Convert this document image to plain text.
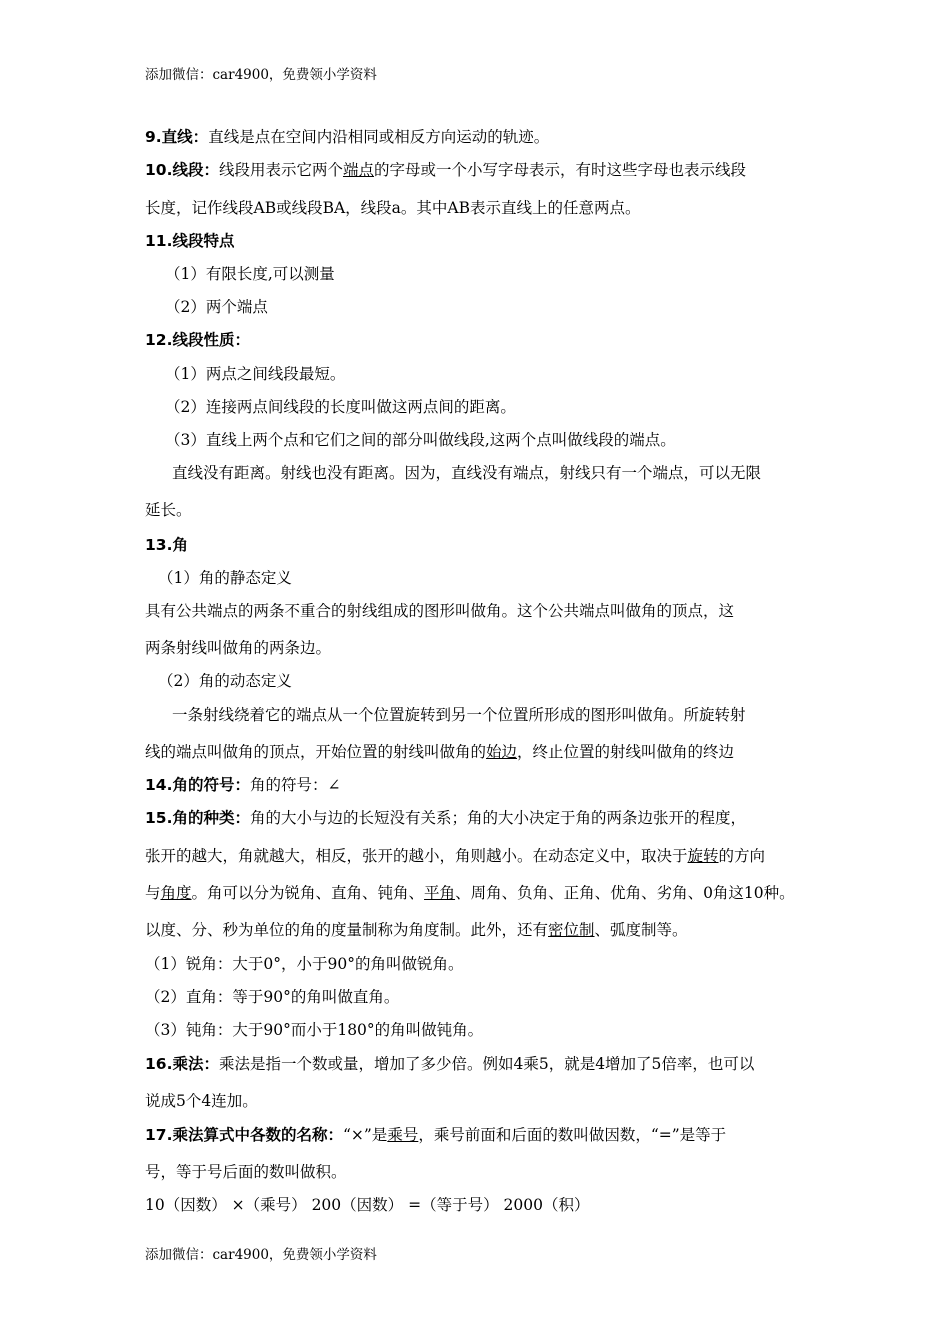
添加微信：car4900，免费领小学资料
9.直线：直线是点在空间内沿相同或相反方向运动的轨迹。
10.线段：线段用表示它两个端点的字母或一个小写字母表示，有时这些字母也表示线段
长度，记作线段AB或线段BA，线段a。其中AB表示直线上的任意两点。
11.线段特点
（1）有限长度,可以测量
（2）两个端点
12.线段性质：
（1）两点之间线段最短。
（2）连接两点间线段的长度叫做这两点间的距离。
（3）直线上两个点和它们之间的部分叫做线段,这两个点叫做线段的端点。
直线没有距离。射线也没有距离。因为，直线没有端点，射线只有一个端点，可以无限
延长。
13.角
（1）角的静态定义
具有公共端点的两条不重合的射线组成的图形叫做角。这个公共端点叫做角的顶点，这
两条射线叫做角的两条边。
（2）角的动态定义
一条射线绕着它的端点从一个位置旋转到另一个位置所形成的图形叫做角。所旋转射
线的端点叫做角的顶点，开始位置的射线叫做角的始边，终止位置的射线叫做角的终边
14.角的符号：角的符号：∠
15.角的种类：角的大小与边的长短没有关系；角的大小决定于角的两条边张开的程度，
张开的越大，角就越大，相反，张开的越小，角则越小。在动态定义中，取决于旋转的方向
与角度。角可以分为锐角、直角、钝角、平角、周角、负角、正角、优角、劣角、0角这10种。
以度、分、秒为单位的角的度量制称为角度制。此外，还有密位制、弧度制等。
（1）锐角：大于0°，小于90°的角叫做锐角。
（2）直角：等于90°的角叫做直角。
（3）钝角：大于90°而小于180°的角叫做钝角。
16.乘法：乘法是指一个数或量，增加了多少倍。例如4乘5，就是4增加了5倍率，也可以
说成5个4连加。
17.乘法算式中各数的名称：“×”是乘号，乘号前面和后面的数叫做因数，“=”是等于
号，等于号后面的数叫做积。
10（因数） ×（乘号） 200（因数） =（等于号） 2000（积）
添加微信：car4900，免费领小学资料
